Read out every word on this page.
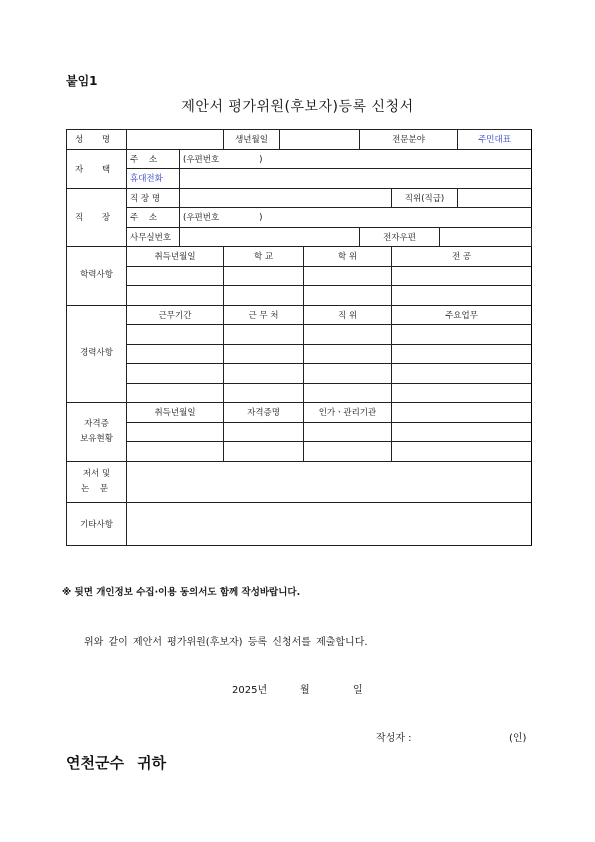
붙임1
제안서 평가위원(후보자)등록 신청서
성 명			생년월일			전문분야			주민대표
자 택	주 소	(우편번호 )							
	휴대전화								
직 장	직 장 명						직위(직급)		
	주 소	(우편번호 )							
	사무실번호					전자우편			
학력사항	취득년월일		학 교		학 위		전 공		

경력사항	근무기간		근 무 처		직 위		주요업무		

자격증
보유현황	취득년월일		자격증명		인가ㆍ관리기관				

저서 및
논 문									

기타사항									
※ 뒷면 개인정보 수집·이용 동의서도 함께 작성바랍니다.
위와 같이 제안서 평가위원(후보자) 등록 신청서를 제출합니다.
2025년	월	일
작성자 :	(인)
연천군수 귀하
